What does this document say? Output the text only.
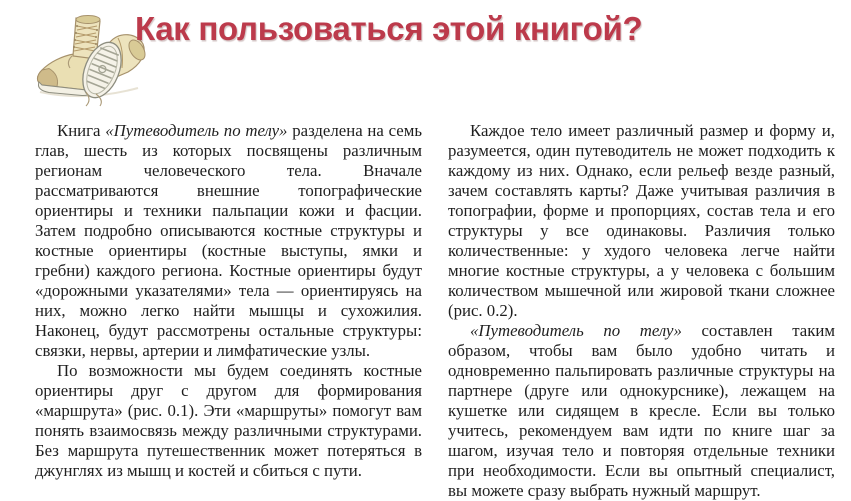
Как пользоваться этой книгой?

Книга «Путеводитель по телу» разделена на семь глав, шесть из которых посвящены различным регионам человеческого тела. Вначале рассматриваются внешние топографические ориентиры и техники пальпации кожи и фасции. Затем подробно описываются костные структуры и костные ориентиры (костные выступы, ямки и гребни) каждого региона. Костные ориентиры будут «дорожными указателями» тела — ориентируясь на них, можно легко найти мышцы и сухожилия. Наконец, будут рассмотрены остальные структуры: связки, нервы, артерии и лимфатические узлы.

По возможности мы будем соединять костные ориентиры друг с другом для формирования «маршрута» (рис. 0.1). Эти «маршруты» помогут вам понять взаимосвязь между различными структурами. Без маршрута путешественник может потеряться в джунглях из мышц и костей и сбиться с пути.

Каждое тело имеет различный размер и форму и, разумеется, один путеводитель не может подходить к каждому из них. Однако, если рельеф везде разный, зачем составлять карты? Даже учитывая различия в топографии, форме и пропорциях, состав тела и его структуры у все одинаковы. Различия только количественные: у худого человека легче найти многие костные структуры, а у человека с большим количеством мышечной или жировой ткани сложнее (рис. 0.2).

«Путеводитель по телу» составлен таким образом, чтобы вам было удобно читать и одновременно пальпировать различные структуры на партнере (друге или однокурснике), лежащем на кушетке или сидящем в кресле. Если вы только учитесь, рекомендуем вам идти по книге шаг за шагом, изучая тело и повторяя отдельные техники при необходимости. Если вы опытный специалист, вы можете сразу выбрать нужный маршрут.
